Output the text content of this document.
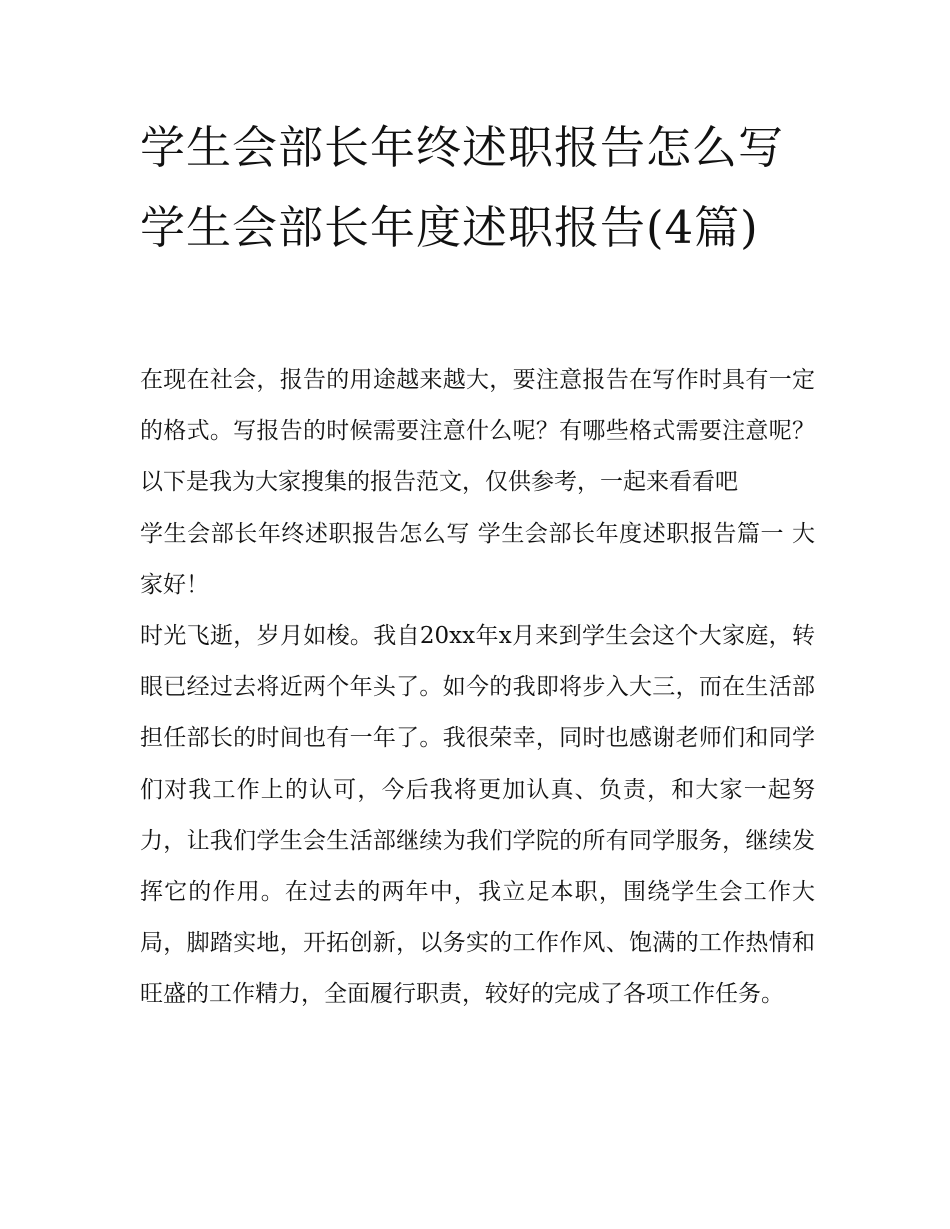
学生会部长年终述职报告怎么写 学生会部长年度述职报告(4篇)

在现在社会，报告的用途越来越大，要注意报告在写作时具有一定的格式。写报告的时候需要注意什么呢？有哪些格式需要注意呢？以下是我为大家搜集的报告范文，仅供参考，一起来看看吧

学生会部长年终述职报告怎么写 学生会部长年度述职报告篇一 大家好！

时光飞逝，岁月如梭。我自20xx年x月来到学生会这个大家庭，转眼已经过去将近两个年头了。如今的我即将步入大三，而在生活部担任部长的时间也有一年了。我很荣幸，同时也感谢老师们和同学们对我工作上的认可，今后我将更加认真、负责，和大家一起努力，让我们学生会生活部继续为我们学院的所有同学服务，继续发挥它的作用。在过去的两年中，我立足本职，围绕学生会工作大局，脚踏实地，开拓创新，以务实的工作作风、饱满的工作热情和旺盛的工作精力，全面履行职责，较好的完成了各项工作任务。
